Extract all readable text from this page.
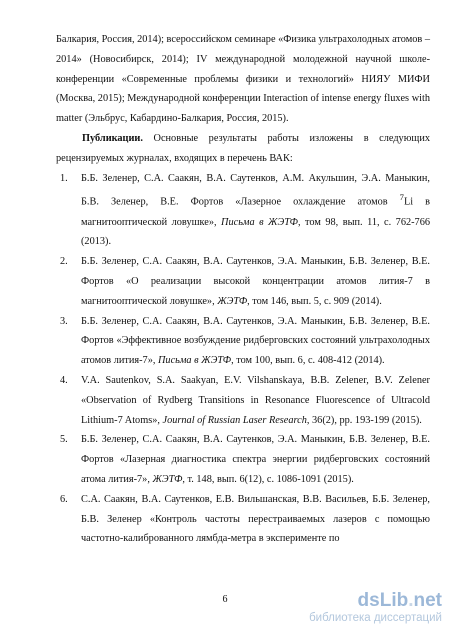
Балкария, Россия, 2014); всероссийском семинаре «Физика ультрахолодных атомов – 2014» (Новосибирск, 2014); IV международной молодежной научной школе-конференции «Современные проблемы физики и технологий» НИЯУ МИФИ (Москва, 2015); Международной конференции Interaction of intense energy fluxes with matter (Эльбрус, Кабардино-Балкария, Россия, 2015).

Публикации. Основные результаты работы изложены в следующих рецензируемых журналах, входящих в перечень ВАК:

1. Б.Б. Зеленер, С.А. Саакян, В.А. Саутенков, А.М. Акульшин, Э.А. Маныкин, Б.В. Зеленер, В.Е. Фортов «Лазерное охлаждение атомов $^7$Li в магнитооптической ловушке», Письма в ЖЭТФ, том 98, вып. 11, с. 762-766 (2013).
2. Б.Б. Зеленер, С.А. Саакян, В.А. Саутенков, Э.А. Маныкин, Б.В. Зеленер, В.Е. Фортов «О реализации высокой концентрации атомов лития-7 в магнитооптической ловушке», ЖЭТФ, том 146, вып. 5, с. 909 (2014).
3. Б.Б. Зеленер, С.А. Саакян, В.А. Саутенков, Э.А. Маныкин, Б.В. Зеленер, В.Е. Фортов «Эффективное возбуждение ридберговских состояний ультрахолодных атомов лития-7», Письма в ЖЭТФ, том 100, вып. 6, с. 408-412 (2014).
4. V.A. Sautenkov, S.A. Saakyan, E.V. Vilshanskaya, B.B. Zelener, B.V. Zelener «Observation of Rydberg Transitions in Resonance Fluorescence of Ultracold Lithium-7 Atoms», Journal of Russian Laser Research, 36(2), pp. 193-199 (2015).
5. Б.Б. Зеленер, С.А. Саакян, В.А. Саутенков, Э.А. Маныкин, Б.В. Зеленер, В.Е. Фортов «Лазерная диагностика спектра энергии ридберговских состояний атома лития-7», ЖЭТФ, т. 148, вып. 6(12), с. 1086-1091 (2015).
6. С.А. Саакян, В.А. Саутенков, Е.В. Вильшанская, В.В. Васильев, Б.Б. Зеленер, Б.В. Зеленер «Контроль частоты перестраиваемых лазеров с помощью частотно-калиброванного лямбда-метра в эксперименте по
6	dsLib.net
библиотека диссертаций
